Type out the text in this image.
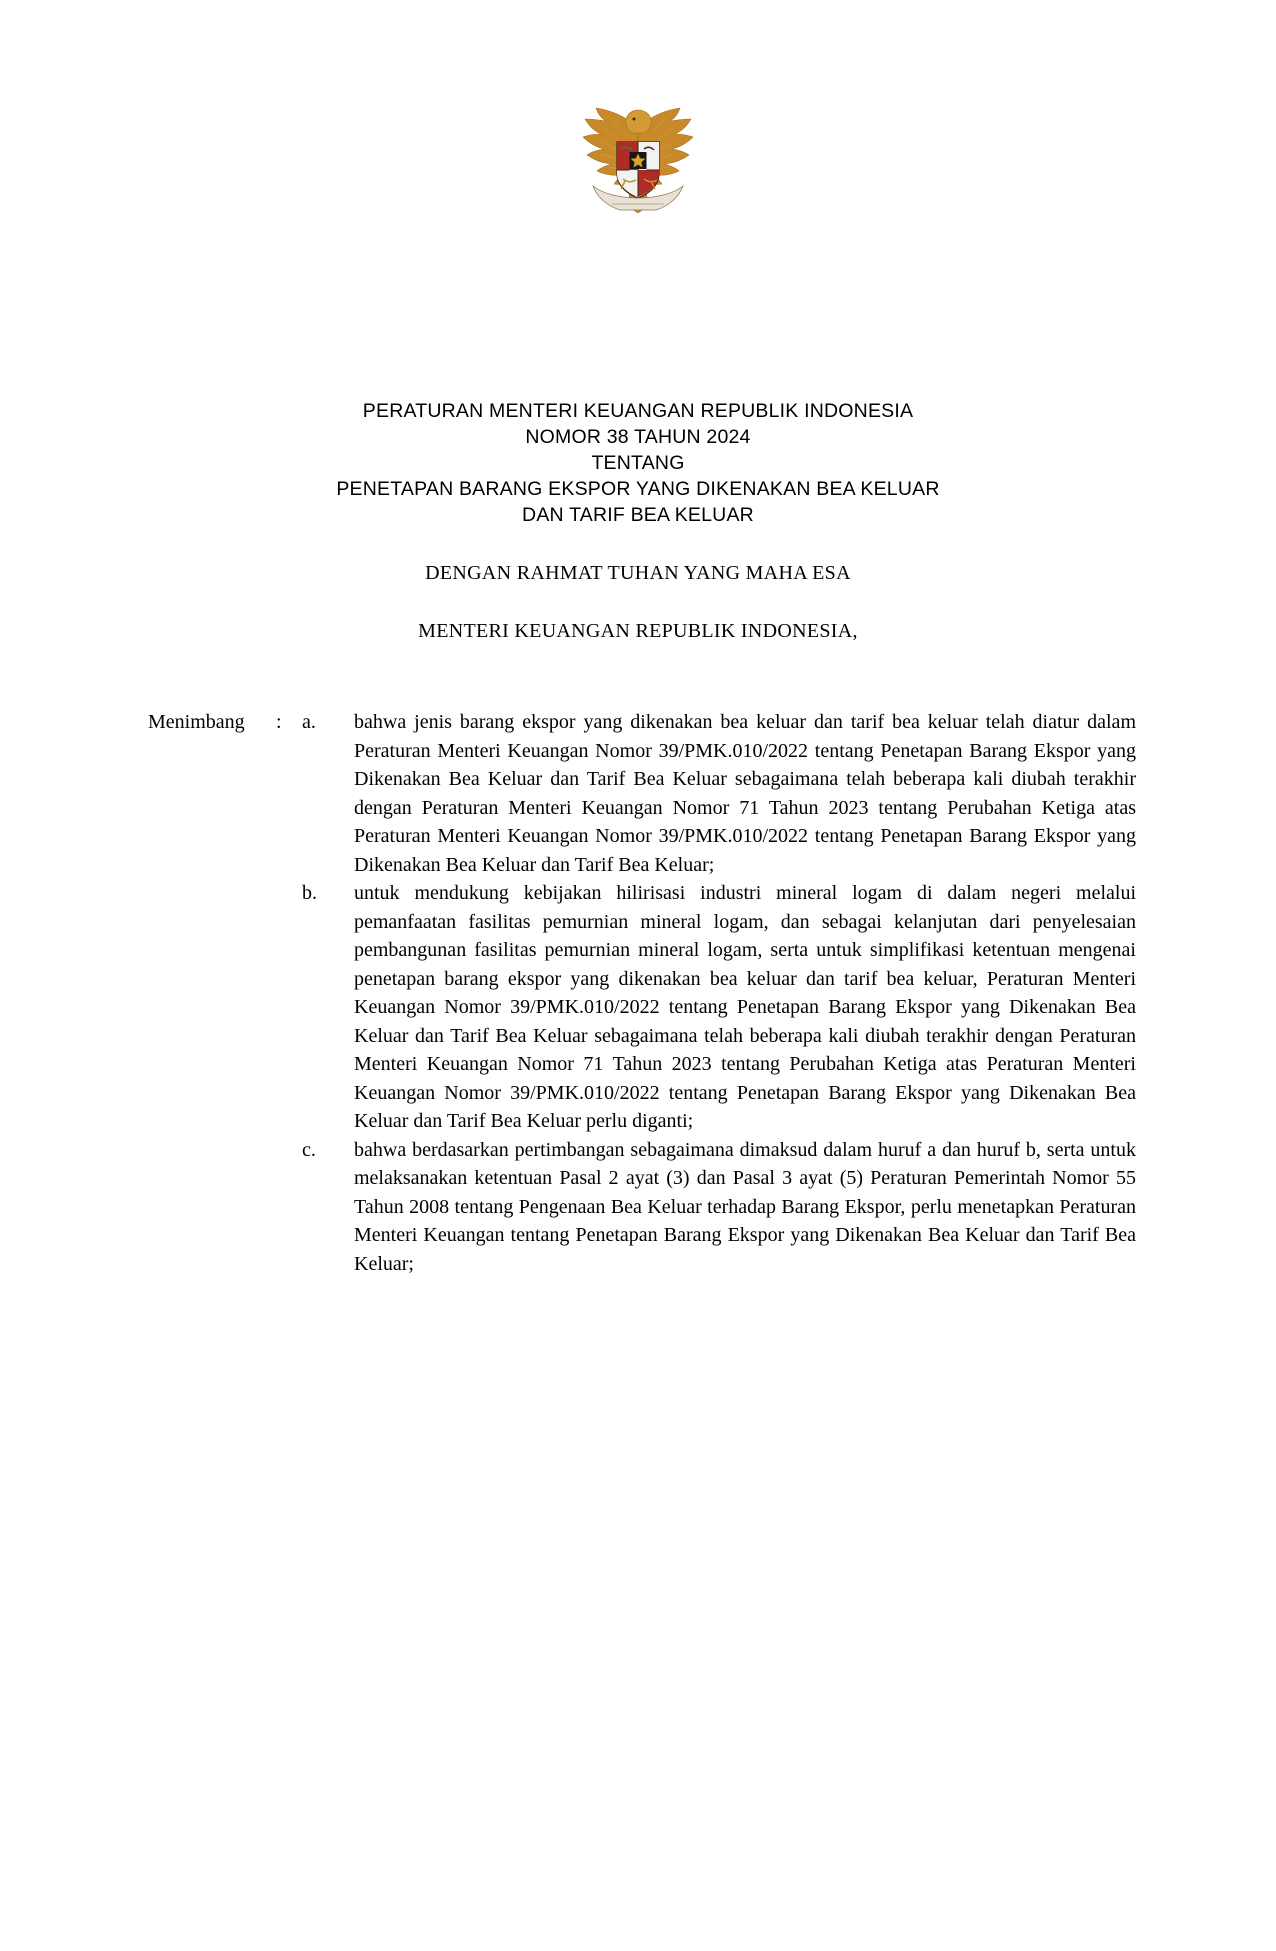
PERATURAN MENTERI KEUANGAN REPUBLIK INDONESIA
NOMOR 38 TAHUN 2024
TENTANG
PENETAPAN BARANG EKSPOR YANG DIKENAKAN BEA KELUAR
DAN TARIF BEA KELUAR
DENGAN RAHMAT TUHAN YANG MAHA ESA
MENTERI KEUANGAN REPUBLIK INDONESIA,
Menimbang	:	a.	bahwa jenis barang ekspor yang dikenakan bea keluar dan tarif bea keluar telah diatur dalam Peraturan Menteri Keuangan Nomor 39/PMK.010/2022 tentang Penetapan Barang Ekspor yang Dikenakan Bea Keluar dan Tarif Bea Keluar sebagaimana telah beberapa kali diubah terakhir dengan Peraturan Menteri Keuangan Nomor 71 Tahun 2023 tentang Perubahan Ketiga atas Peraturan Menteri Keuangan Nomor 39/PMK.010/2022 tentang Penetapan Barang Ekspor yang Dikenakan Bea Keluar dan Tarif Bea Keluar;
b.	untuk mendukung kebijakan hilirisasi industri mineral logam di dalam negeri melalui pemanfaatan fasilitas pemurnian mineral logam, dan sebagai kelanjutan dari penyelesaian pembangunan fasilitas pemurnian mineral logam, serta untuk simplifikasi ketentuan mengenai penetapan barang ekspor yang dikenakan bea keluar dan tarif bea keluar, Peraturan Menteri Keuangan Nomor 39/PMK.010/2022 tentang Penetapan Barang Ekspor yang Dikenakan Bea Keluar dan Tarif Bea Keluar sebagaimana telah beberapa kali diubah terakhir dengan Peraturan Menteri Keuangan Nomor 71 Tahun 2023 tentang Perubahan Ketiga atas Peraturan Menteri Keuangan Nomor 39/PMK.010/2022 tentang Penetapan Barang Ekspor yang Dikenakan Bea Keluar dan Tarif Bea Keluar perlu diganti;
c.	bahwa berdasarkan pertimbangan sebagaimana dimaksud dalam huruf a dan huruf b, serta untuk melaksanakan ketentuan Pasal 2 ayat (3) dan Pasal 3 ayat (5) Peraturan Pemerintah Nomor 55 Tahun 2008 tentang Pengenaan Bea Keluar terhadap Barang Ekspor, perlu menetapkan Peraturan Menteri Keuangan tentang Penetapan Barang Ekspor yang Dikenakan Bea Keluar dan Tarif Bea Keluar;
